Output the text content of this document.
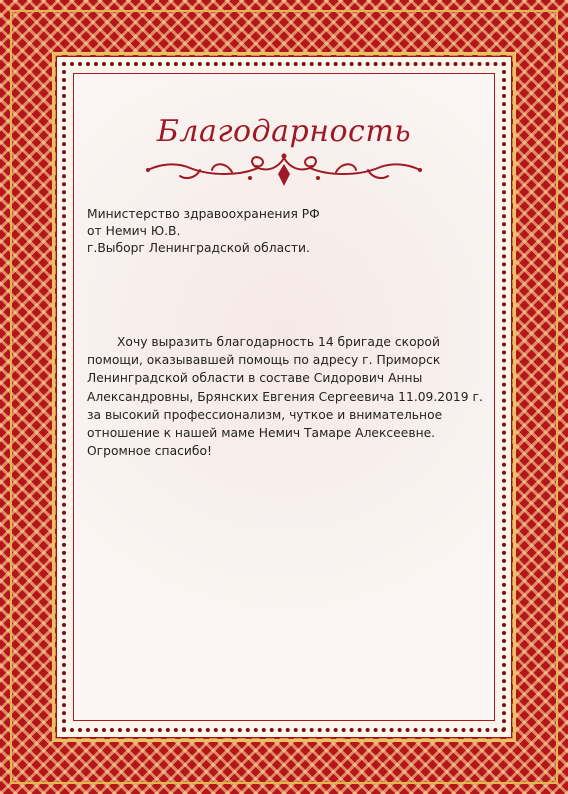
Благодарность
Министерство здравоохранения РФ
от Немич Ю.В.
г.Выборг Ленинградской области.
Хочу выразить благодарность 14 бригаде скорой
помощи, оказывавшей помощь по адресу г. Приморск
Ленинградской области в составе Сидорович Анны
Александровны, Брянских Евгения Сергеевича 11.09.2019 г.
за высокий профессионализм, чуткое и внимательное
отношение к нашей маме Немич Тамаре Алексеевне.
Огромное спасибо!
